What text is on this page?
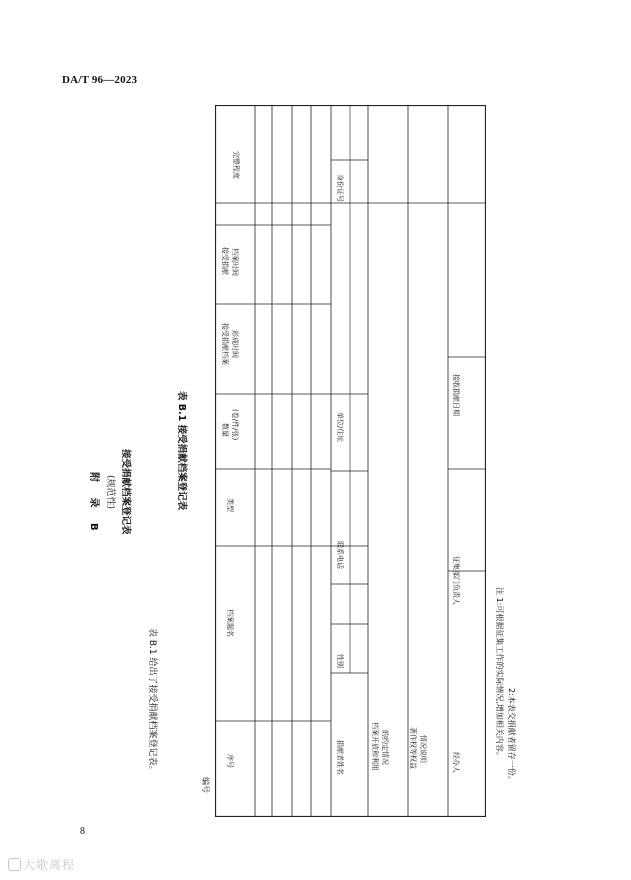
DA/T 96—2023
附 录 B (规范性) 接受捐献档案登记表
表 B.1 给出了接受捐献档案登记表。
表 B.1 接受捐献档案登记表
编号
完整程度
接受捐献 档案时间
接受捐献档案 形成时间
数量 (卷/件/张)
类型
档案题名
序号
身份证号
单位/住址
联系电话
性别
捐献者姓名	档案开放和利用 的约定情况	著作权等权益 情况说明
接收捐献日期
征集部门负责人
经办人
注 1:可根据征集工作的实际情况,增加相关内容。 2:本表交捐献者留存一份。
8
大歌离程
